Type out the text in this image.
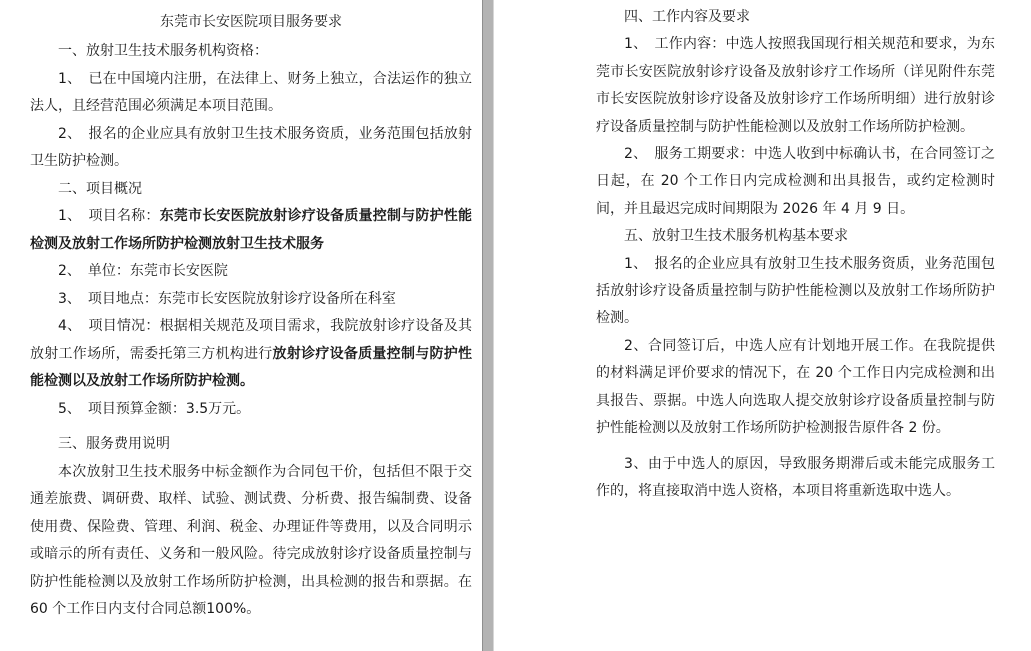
东莞市长安医院项目服务要求

一、放射卫生技术服务机构资格：

1、　已在中国境内注册，在法律上、财务上独立，合法运作的独立法人，且经营范围必须满足本项目范围。

2、　报名的企业应具有放射卫生技术服务资质，业务范围包括放射卫生防护检测。

二、项目概况

1、　项目名称：东莞市长安医院放射诊疗设备质量控制与防护性能检测及放射工作场所防护检测放射卫生技术服务

2、　单位：东莞市长安医院

3、　项目地点：东莞市长安医院放射诊疗设备所在科室

4、　项目情况：根据相关规范及项目需求，我院放射诊疗设备及其放射工作场所，需委托第三方机构进行放射诊疗设备质量控制与防护性能检测以及放射工作场所防护检测。

5、　项目预算金额：3.5万元。

三、服务费用说明

本次放射卫生技术服务中标金额作为合同包干价，包括但不限于交通差旅费、调研费、取样、试验、测试费、分析费、报告编制费、设备使用费、保险费、管理、利润、税金、办理证件等费用，以及合同明示或暗示的所有责任、义务和一般风险。待完成放射诊疗设备质量控制与防护性能检测以及放射工作场所防护检测，出具检测的报告和票据。在 60 个工作日内支付合同总额100%。

四、工作内容及要求

1、　工作内容：中选人按照我国现行相关规范和要求，为东莞市长安医院放射诊疗设备及放射诊疗工作场所（详见附件东莞市长安医院放射诊疗设备及放射诊疗工作场所明细）进行放射诊疗设备质量控制与防护性能检测以及放射工作场所防护检测。

2、　服务工期要求：中选人收到中标确认书，在合同签订之日起，在 20 个工作日内完成检测和出具报告，或约定检测时间，并且最迟完成时间期限为 2026 年 4 月 9 日。

五、放射卫生技术服务机构基本要求

1、　报名的企业应具有放射卫生技术服务资质，业务范围包括放射诊疗设备质量控制与防护性能检测以及放射工作场所防护检测。

2、合同签订后，中选人应有计划地开展工作。在我院提供的材料满足评价要求的情况下，在 20 个工作日内完成检测和出具报告、票据。中选人向选取人提交放射诊疗设备质量控制与防护性能检测以及放射工作场所防护检测报告原件各 2 份。

3、由于中选人的原因，导致服务期滞后或未能完成服务工作的，将直接取消中选人资格，本项目将重新选取中选人。
